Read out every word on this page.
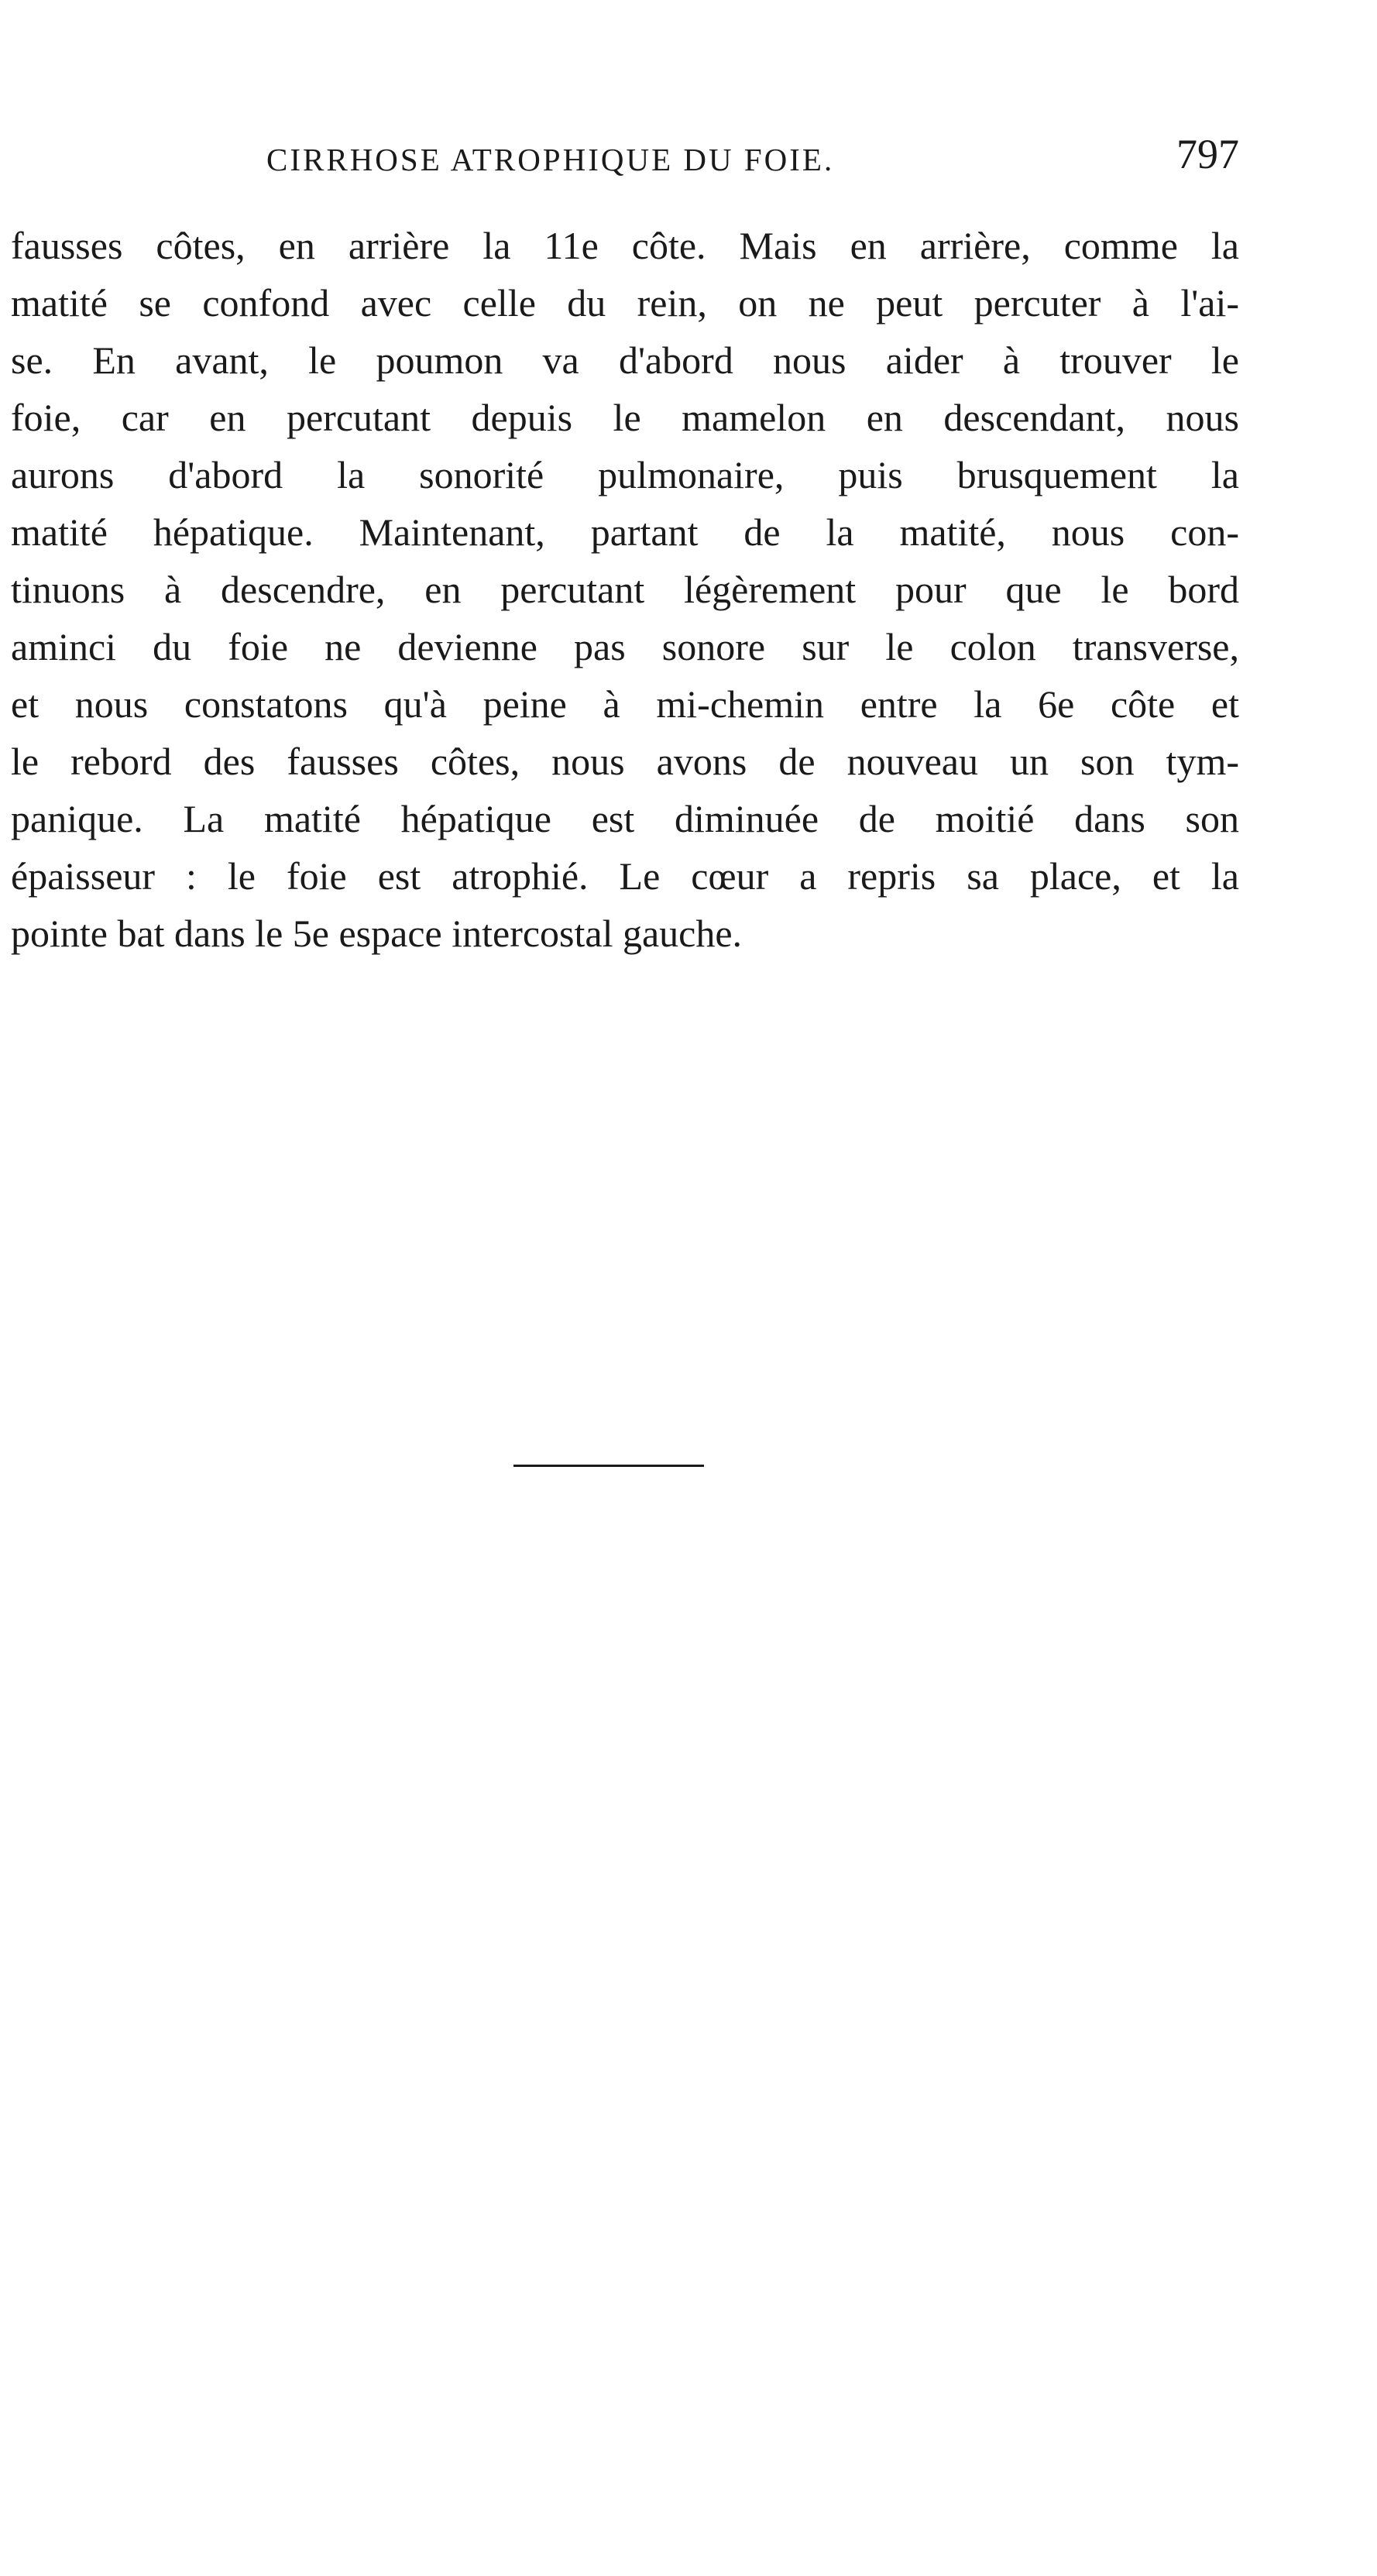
CIRRHOSE ATROPHIQUE DU FOIE.	797
fausses côtes, en arrière la 11e côte. Mais en arrière, comme la
matité se confond avec celle du rein, on ne peut percuter à l'ai-
se. En avant, le poumon va d'abord nous aider à trouver le
foie, car en percutant depuis le mamelon en descendant, nous
aurons d'abord la sonorité pulmonaire, puis brusquement la
matité hépatique. Maintenant, partant de la matité, nous con-
tinuons à descendre, en percutant légèrement pour que le bord
aminci du foie ne devienne pas sonore sur le colon transverse,
et nous constatons qu'à peine à mi-chemin entre la 6e côte et
le rebord des fausses côtes, nous avons de nouveau un son tym-
panique. La matité hépatique est diminuée de moitié dans son
épaisseur : le foie est atrophié. Le cœur a repris sa place, et la
pointe bat dans le 5e espace intercostal gauche.
